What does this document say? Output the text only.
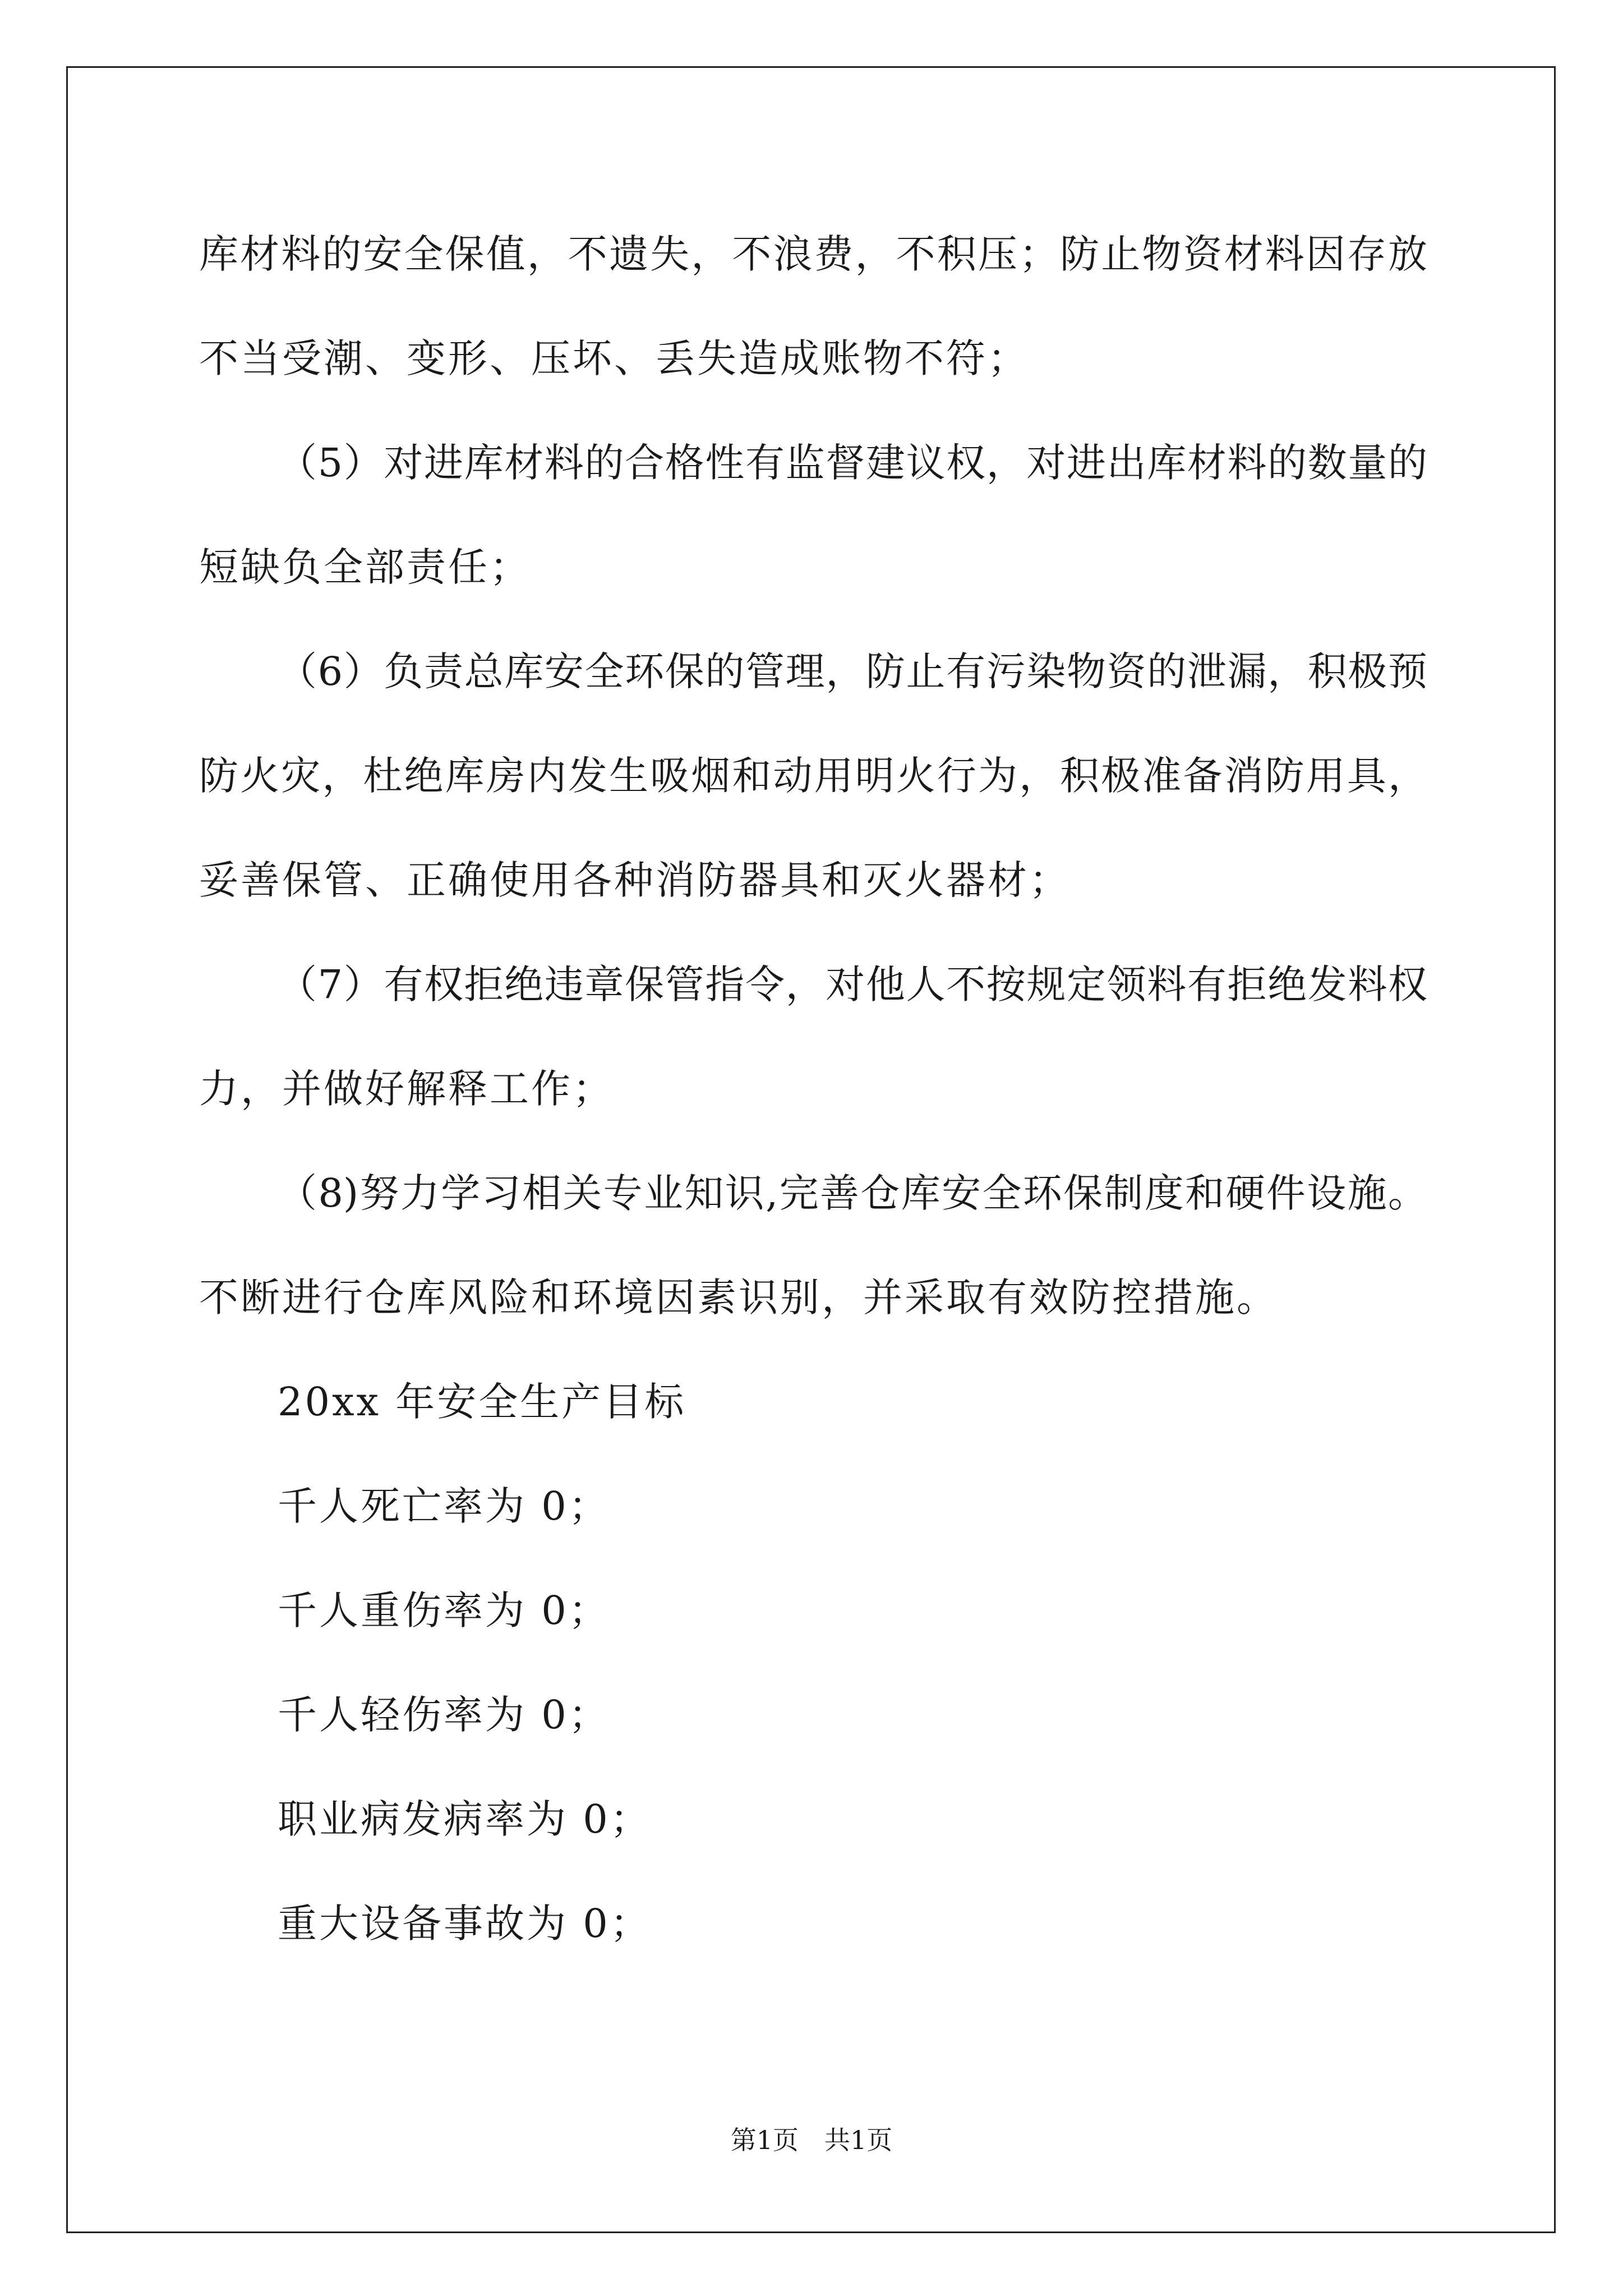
库材料的安全保值，不遗失，不浪费，不积压；防止物资材料因存放
不当受潮、变形、压坏、丢失造成账物不符；
（5）对进库材料的合格性有监督建议权，对进出库材料的数量的
短缺负全部责任；
（6）负责总库安全环保的管理，防止有污染物资的泄漏，积极预
防火灾，杜绝库房内发生吸烟和动用明火行为，积极准备消防用具，
妥善保管、正确使用各种消防器具和灭火器材；
（7）有权拒绝违章保管指令，对他人不按规定领料有拒绝发料权
力，并做好解释工作；
（8)努力学习相关专业知识,完善仓库安全环保制度和硬件设施。
不断进行仓库风险和环境因素识别，并采取有效防控措施。
20xx 年安全生产目标
千人死亡率为 0；
千人重伤率为 0；
千人轻伤率为 0；
职业病发病率为 0；
重大设备事故为 0；
第1页　共1页
